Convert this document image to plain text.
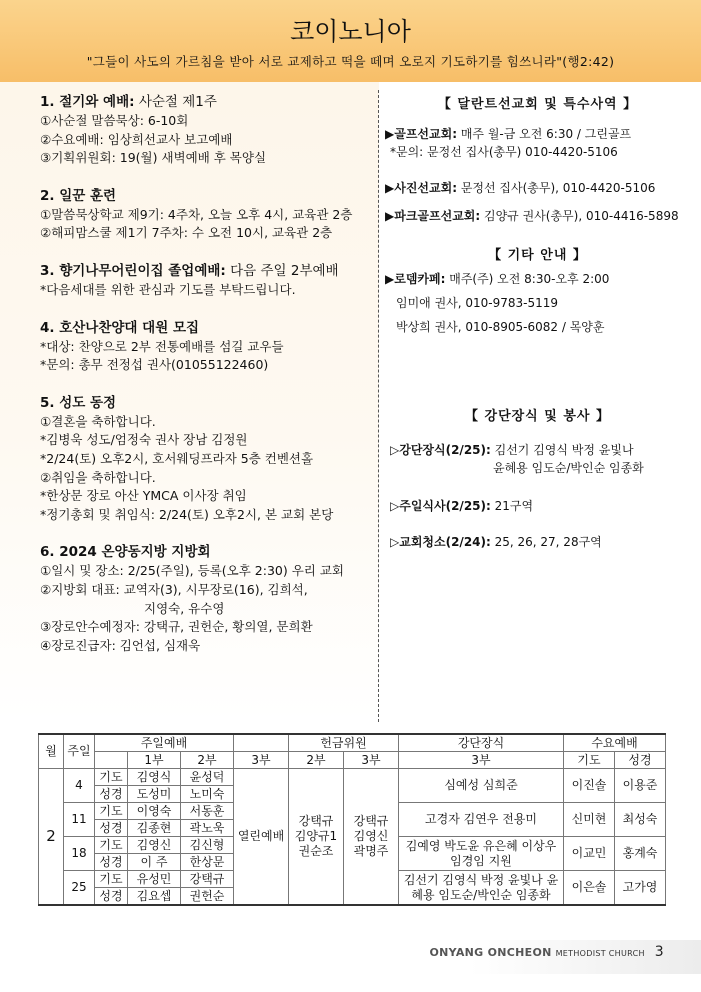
코이노니아
"그들이 사도의 가르침을 받아 서로 교제하고 떡을 떼며 오로지 기도하기를 힘쓰니라"(행2:42)
1. 절기와 예배: 사순절 제1주
①사순절 말씀묵상: 6-10회
②수요예배: 임상희선교사 보고예배
③기획위원회: 19(월) 새벽예배 후 목양실
2. 일꾼 훈련
①말씀묵상학교 제9기: 4주차, 오늘 오후 4시, 교육관 2층
②해피맘스쿨 제1기 7주차: 수 오전 10시, 교육관 2층
3. 향기나무어린이집 졸업예배: 다음 주일 2부예배
*다음세대를 위한 관심과 기도를 부탁드립니다.
4. 호산나찬양대 대원 모집
*대상: 찬양으로 2부 전통예배를 섬길 교우들
*문의: 총무 전정섭 권사(01055122460)
5. 성도 동정
①결혼을 축하합니다.
*김병욱 성도/엄정숙 권사 장남 김정원
*2/24(토) 오후2시, 호서웨딩프라자 5층 컨벤션홀
②취임을 축하합니다.
*한상문 장로 아산 YMCA 이사장 취임
*정기총회 및 취임식: 2/24(토) 오후2시, 본 교회 본당
6. 2024 온양동지방 지방회
①일시 및 장소: 2/25(주일), 등록(오후 2:30) 우리 교회
②지방회 대표: 교역자(3), 시무장로(16), 김희석,
지영숙, 유수영
③장로안수예정자: 강택규, 권헌순, 황의열, 문희환
④장로진급자: 김언섭, 심재욱
【 달란트선교회 및 특수사역 】
▶골프선교회: 매주 월-금 오전 6:30 / 그린골프
*문의: 문정선 집사(총무) 010-4420-5106
▶사진선교회: 문정선 집사(총무), 010-4420-5106
▶파크골프선교회: 김양규 권사(총무), 010-4416-5898
【 기타 안내 】
▶로뎀카페: 매주(주) 오전 8:30-오후 2:00
임미애 권사, 010-9783-5119
박상희 권사, 010-8905-6082 / 목양훈
【 강단장식 및 봉사 】
▷강단장식(2/25): 김선기 김영식 박정 윤빛나
윤혜용 임도순/박인순 임종화
▷주일식사(2/25): 21구역
▷교회청소(2/24): 25, 26, 27, 28구역
월	주일	주일예배				헌금위원		강단장식	수요예배	
			1부	2부	3부	2부	3부	3부	기도	성경
2	4	기도	김영식	윤성덕	열린예배	강택규 김양규1 권순조	강택규 김영신 곽명주	심예성 심희준	이진솔	이용준
		성경	도성미	노미숙						
	11	기도	이영숙	서동훈				고경자 김연우 전용미	신미현	최성숙
		성경	김종현	곽노욱						
	18	기도	김영신	김신형				김예영 박도윤 유은혜 이상우 임경임 지원	이교민	홍계숙
		성경	이 주	한상문						
	25	기도	유성민	강택규				김선기 김영식 박정 윤빛나 윤혜용 임도순/박인순 임종화	이은솔	고가영
		성경	김요셉	권헌순						
ONYANG ONCHEON METHODIST CHURCH 3
